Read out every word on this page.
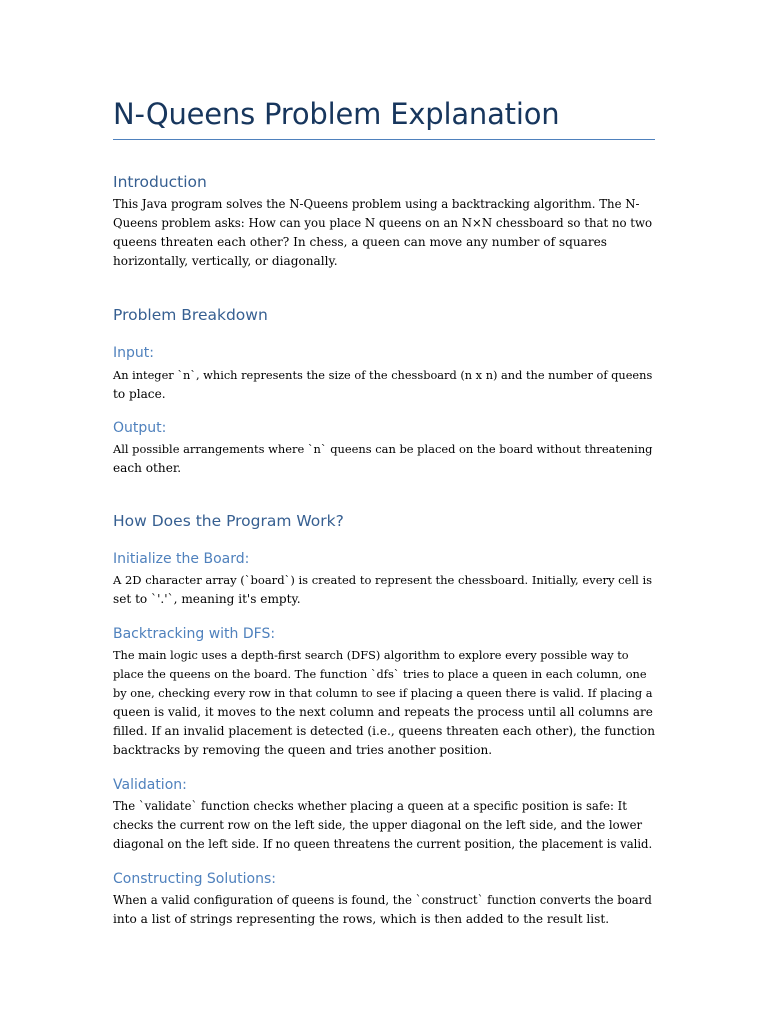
N-Queens Problem Explanation
Introduction

This Java program solves the N-Queens problem using a backtracking algorithm. The N-
Queens problem asks: How can you place N queens on an N×N chessboard so that no two
queens threaten each other? In chess, a queen can move any number of squares
horizontally, vertically, or diagonally.

Problem Breakdown
Input:

An integer `n`, which represents the size of the chessboard (n x n) and the number of queens
to place.

Output:

All possible arrangements where `n` queens can be placed on the board without threatening
each other.

How Does the Program Work?
Initialize the Board:

A 2D character array (`board`) is created to represent the chessboard. Initially, every cell is
set to `'.'`, meaning it's empty.

Backtracking with DFS:

The main logic uses a depth-first search (DFS) algorithm to explore every possible way to
place the queens on the board. The function `dfs` tries to place a queen in each column, one
by one, checking every row in that column to see if placing a queen there is valid. If placing a
queen is valid, it moves to the next column and repeats the process until all columns are
filled. If an invalid placement is detected (i.e., queens threaten each other), the function
backtracks by removing the queen and tries another position.

Validation:

The `validate` function checks whether placing a queen at a specific position is safe: It
checks the current row on the left side, the upper diagonal on the left side, and the lower
diagonal on the left side. If no queen threatens the current position, the placement is valid.

Constructing Solutions:

When a valid configuration of queens is found, the `construct` function converts the board
into a list of strings representing the rows, which is then added to the result list.
